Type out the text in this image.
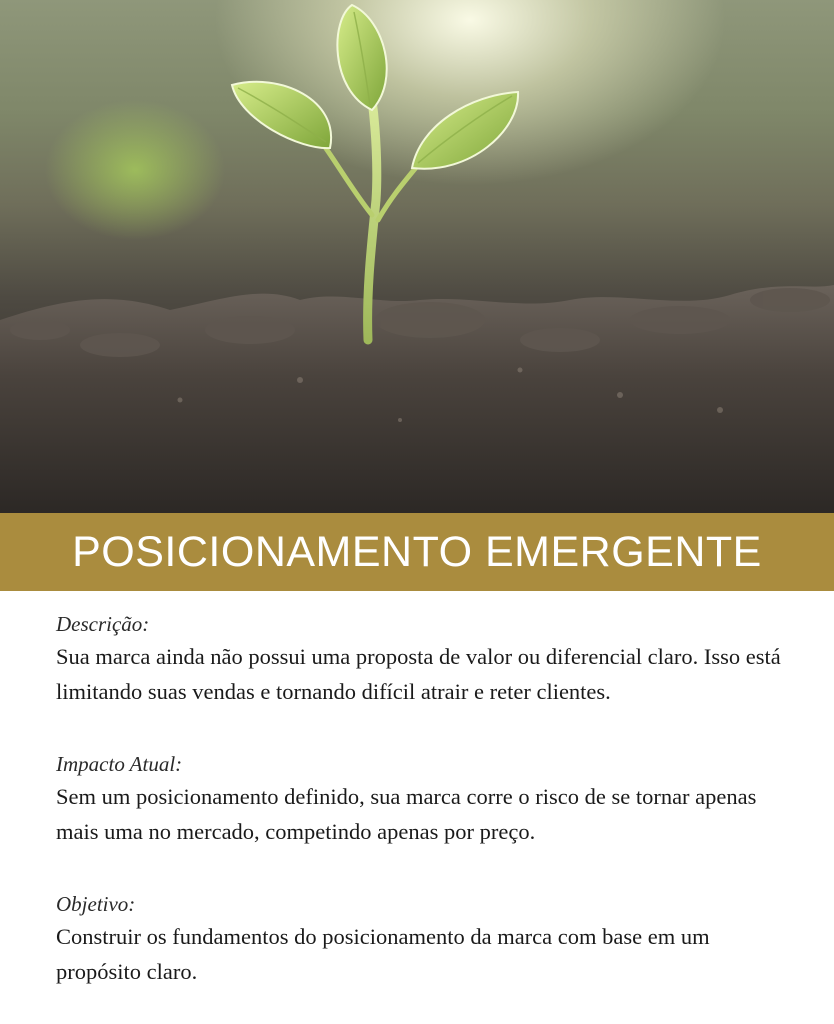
POSICIONAMENTO EMERGENTE

Descrição:

Sua marca ainda não possui uma proposta de valor ou diferencial claro. Isso está limitando suas vendas e tornando difícil atrair e reter clientes.

Impacto Atual:

Sem um posicionamento definido, sua marca corre o risco de se tornar apenas mais uma no mercado, competindo apenas por preço.

Objetivo:

Construir os fundamentos do posicionamento da marca com base em um propósito claro.
